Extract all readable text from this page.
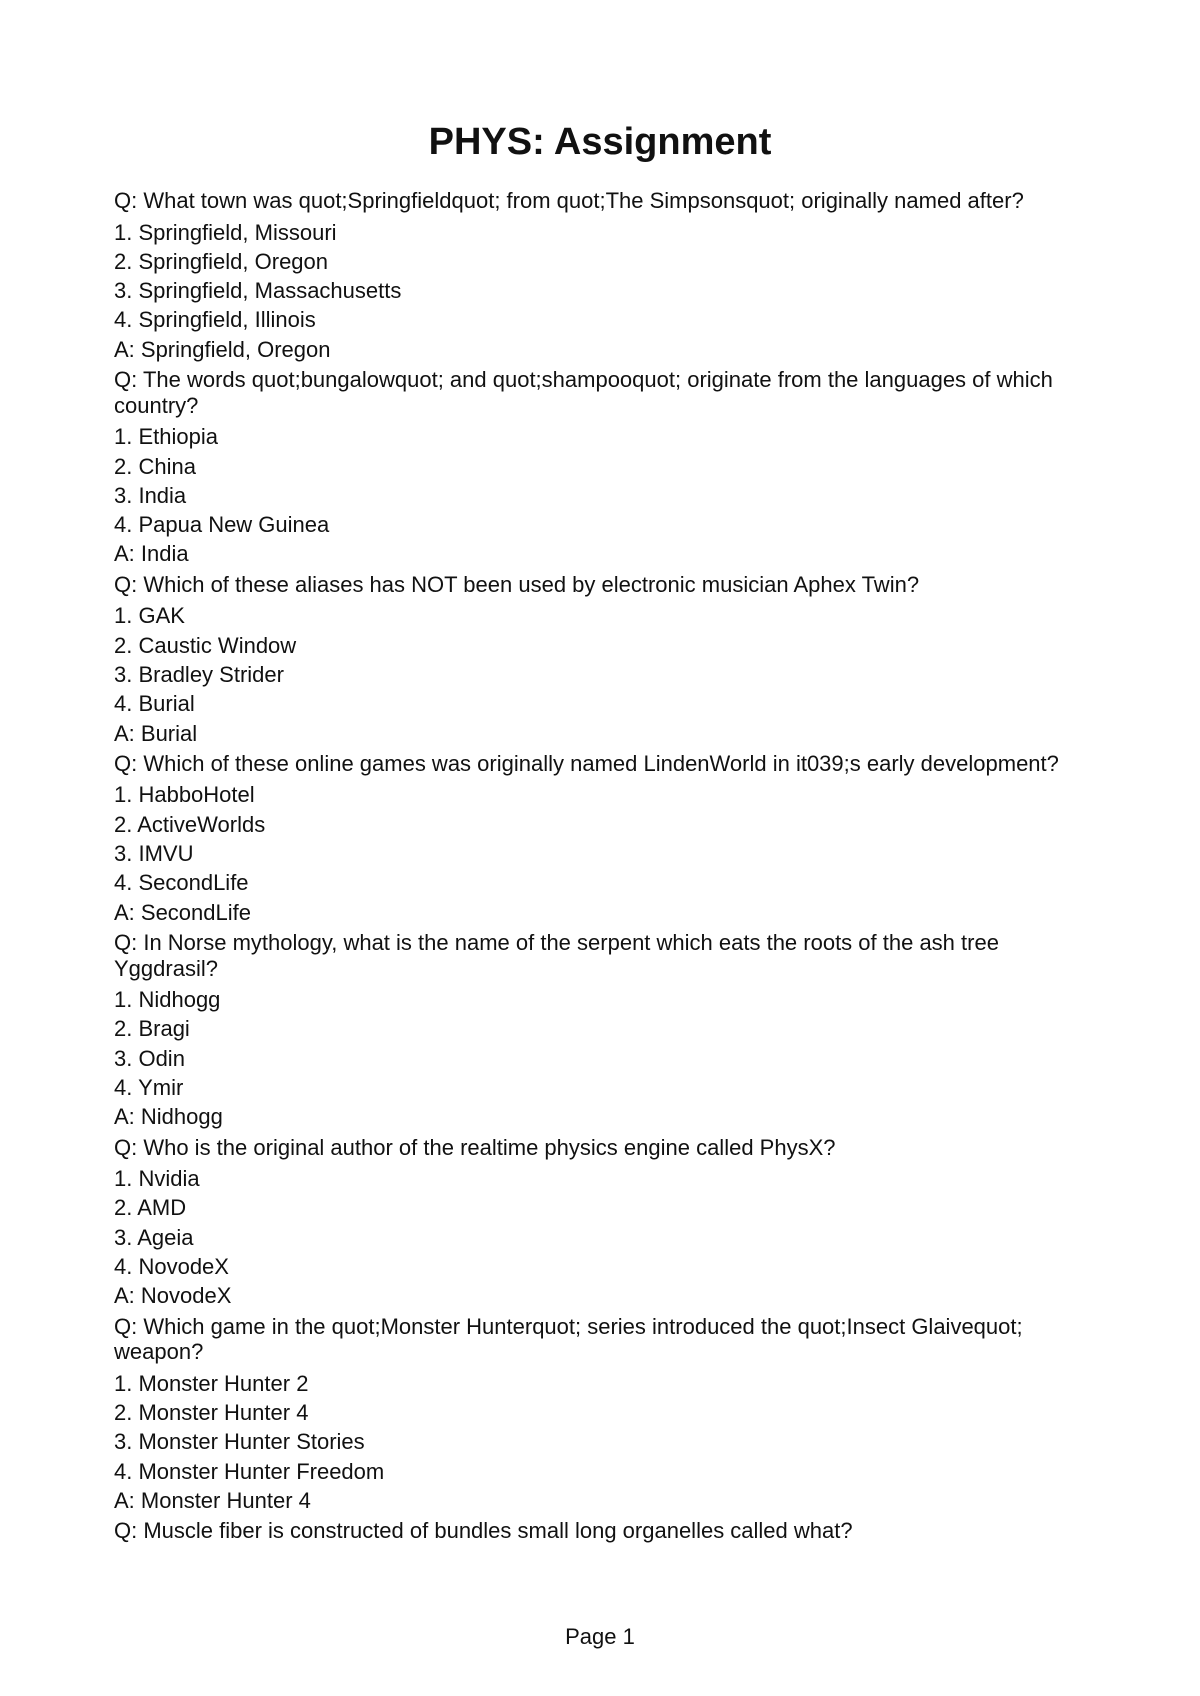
PHYS: Assignment

Q: What town was quot;Springfieldquot; from quot;The Simpsonsquot; originally named after?

1. Springfield, Missouri
2. Springfield, Oregon
3. Springfield, Massachusetts
4. Springfield, Illinois
A: Springfield, Oregon

Q: The words quot;bungalowquot; and quot;shampooquot; originate from the languages of which country?

1. Ethiopia
2. China
3. India
4. Papua New Guinea
A: India

Q: Which of these aliases has NOT been used by electronic musician Aphex Twin?

1. GAK
2. Caustic Window
3. Bradley Strider
4. Burial
A: Burial

Q: Which of these online games was originally named LindenWorld in it039;s early development?

1. HabboHotel
2. ActiveWorlds
3. IMVU
4. SecondLife
A: SecondLife

Q: In Norse mythology, what is the name of the serpent which eats the roots of the ash tree Yggdrasil?

1. Nidhogg
2. Bragi
3. Odin
4. Ymir
A: Nidhogg

Q: Who is the original author of the realtime physics engine called PhysX?

1. Nvidia
2. AMD
3. Ageia
4. NovodeX
A: NovodeX

Q: Which game in the quot;Monster Hunterquot; series introduced the quot;Insect Glaivequot; weapon?

1. Monster Hunter 2
2. Monster Hunter 4
3. Monster Hunter Stories
4. Monster Hunter Freedom
A: Monster Hunter 4

Q: Muscle fiber is constructed of bundles small long organelles called what?

Page 1
